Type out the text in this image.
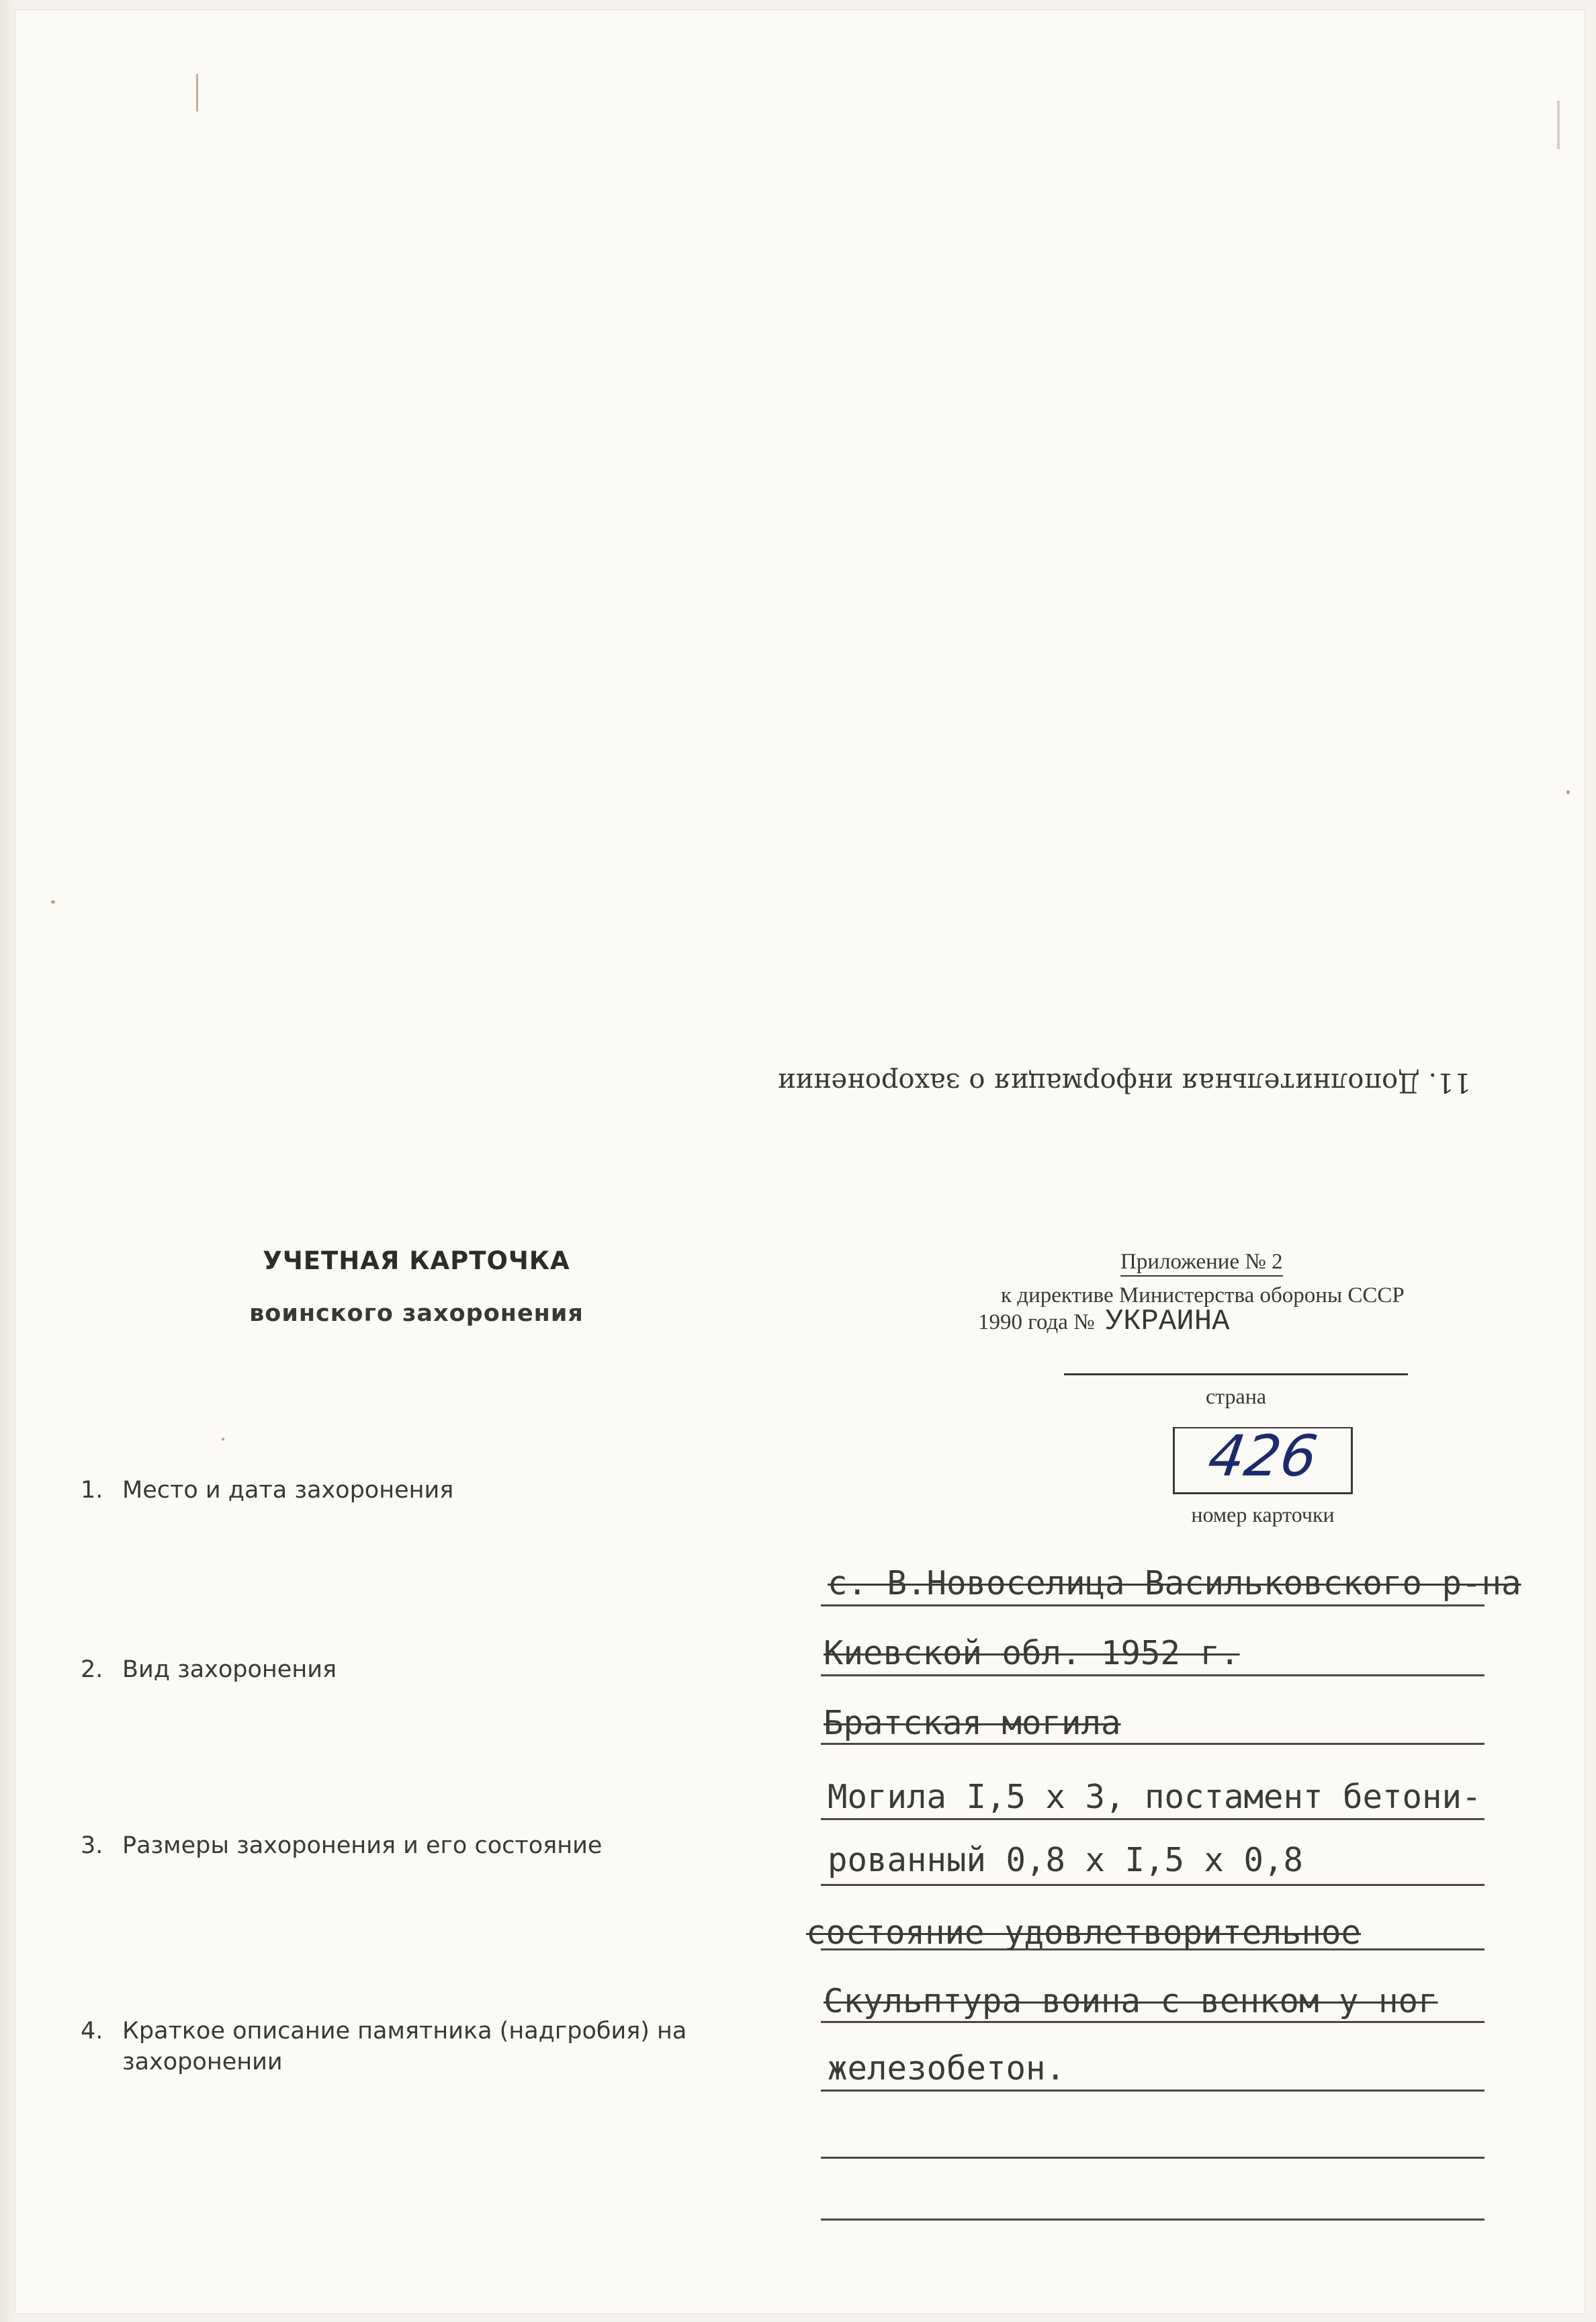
11. Дополнительная информация о захоронении
УЧЕТНАЯ КАРТОЧКА
воинского захоронения
Приложение № 2
к директиве Министерства обороны СССР
1990 года № УКРАИНА
страна
426
номер карточки
1. Место и дата захоронения
2. Вид захоронения
3. Размеры захоронения и его состояние
4. Краткое описание памятника (надгробия) на
захоронении
с. В.Новоселица Васильковского р-на
Киевской обл. 1952 г.
Братская могила
Могила I,5 х 3, постамент бетони-
рованный 0,8 х I,5 х 0,8
состояние удовлетворительное
Скульптура воина с венком у ног
железобетон.
